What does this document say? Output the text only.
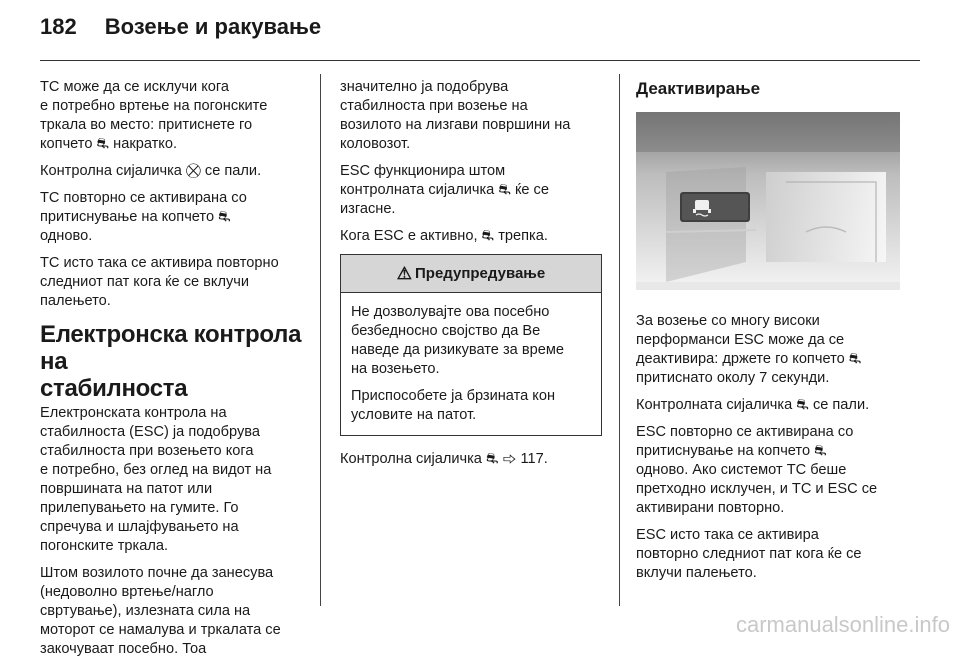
182 Возење и ракување

ТС може да се исклучи кога
е потребно вртење на погонските
тркала во место: притиснете го
копчето ⛐ накратко.

Контролна сијаличка ⛒ се пали.

ТС повторно се активирана со
притиснување на копчето ⛐
одново.

ТС исто така се активира повторно
следниот пат кога ќе се вклучи
палењето.

Електронска контрола на
стабилноста

Електронската контрола на
стабилноста (ESC) ја подобрува
стабилноста при возењето кога
е потребно, без оглед на видот на
површината на патот или
прилепувањето на гумите. Го
спречува и шлајфувањето на
погонските тркала.

Штом возилото почне да занесува
(недоволно вртење/нагло
свртување), излезната сила на
моторот се намалува и тркалата се
закочуваат посебно. Тоа

значително ја подобрува
стабилноста при возење на
возилото на лизгави површини на
коловозот.

ESC функционира штом
контролната сијаличка ⛐ ќе се
изгасне.

Кога ESC е активно, ⛐ трепка.

⚠ Предупредување

Не дозволувајте ова посебно
безбедносно својство да Ве
наведе да ризикувате за време
на возењето.

Приспособете ја брзината кон
условите на патот.

Контролна сијаличка ⛐ ⇨ 117.

Деактивирање

За возење со многу високи
перформанси ESC може да се
деактивира: држете го копчето ⛐
притиснато околу 7 секунди.

Контролната сијаличка ⛐ се пали.

ESC повторно се активирана со
притиснување на копчето ⛐
одново. Ако системот ТС беше
претходно исклучен, и ТС и ESC се
активирани повторно.

ESC исто така се активира
повторно следниот пат кога ќе се
вклучи палењето.

carmanualsonline.info
